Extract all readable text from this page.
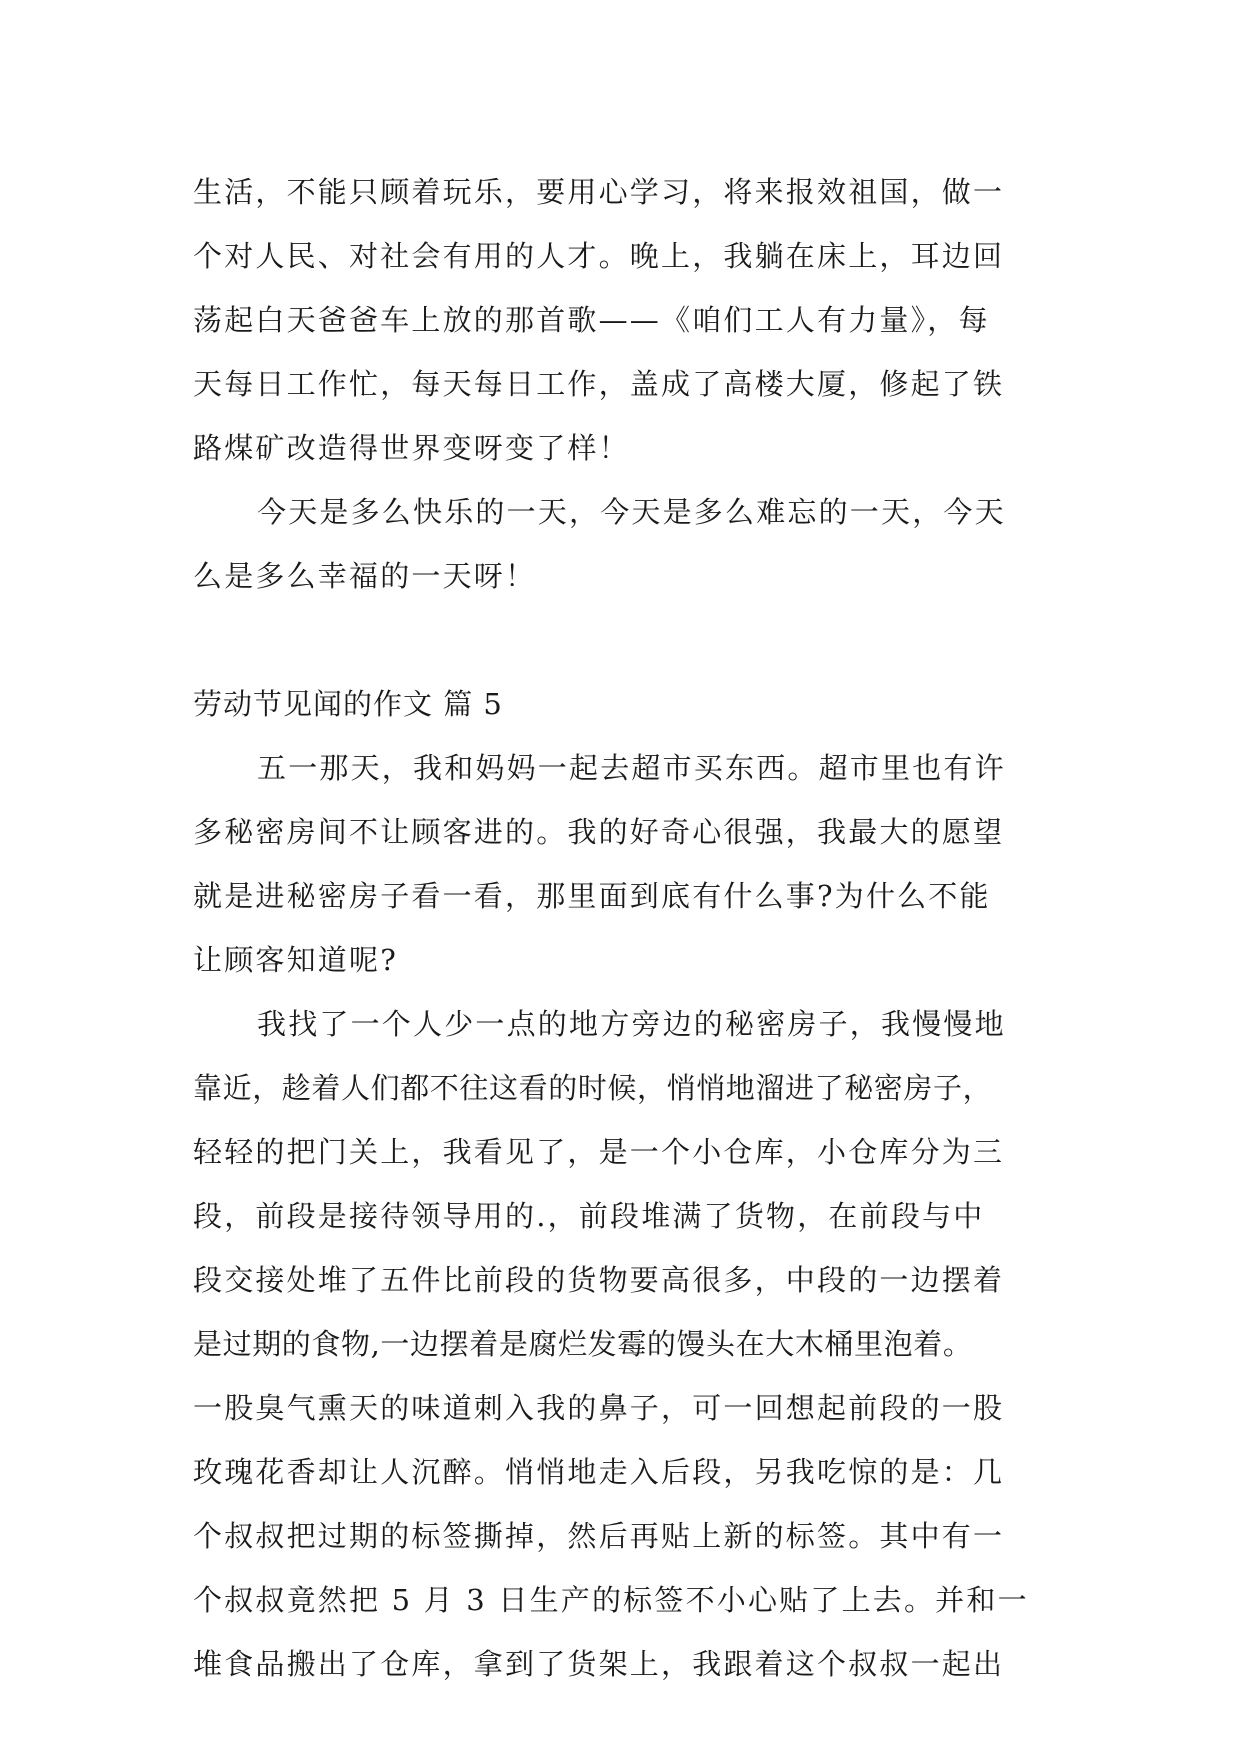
生活，不能只顾着玩乐，要用心学习，将来报效祖国，做一
个对人民、对社会有用的人才。晚上，我躺在床上，耳边回
荡起白天爸爸车上放的那首歌——《咱们工人有力量》，每
天每日工作忙，每天每日工作，盖成了高楼大厦，修起了铁
路煤矿改造得世界变呀变了样！
今天是多么快乐的一天，今天是多么难忘的一天，今天
么是多么幸福的一天呀！
劳动节见闻的作文 篇 5
五一那天，我和妈妈一起去超市买东西。超市里也有许
多秘密房间不让顾客进的。我的好奇心很强，我最大的愿望
就是进秘密房子看一看，那里面到底有什么事?为什么不能
让顾客知道呢?
我找了一个人少一点的地方旁边的秘密房子，我慢慢地
靠近，趁着人们都不往这看的时候，悄悄地溜进了秘密房子，
轻轻的把门关上，我看见了，是一个小仓库，小仓库分为三
段，前段是接待领导用的.，前段堆满了货物，在前段与中
段交接处堆了五件比前段的货物要高很多，中段的一边摆着
是过期的食物,一边摆着是腐烂发霉的馒头在大木桶里泡着。
一股臭气熏天的味道刺入我的鼻子，可一回想起前段的一股
玫瑰花香却让人沉醉。悄悄地走入后段，另我吃惊的是：几
个叔叔把过期的标签撕掉，然后再贴上新的标签。其中有一
个叔叔竟然把 5 月 3 日生产的标签不小心贴了上去。并和一
堆食品搬出了仓库，拿到了货架上，我跟着这个叔叔一起出
